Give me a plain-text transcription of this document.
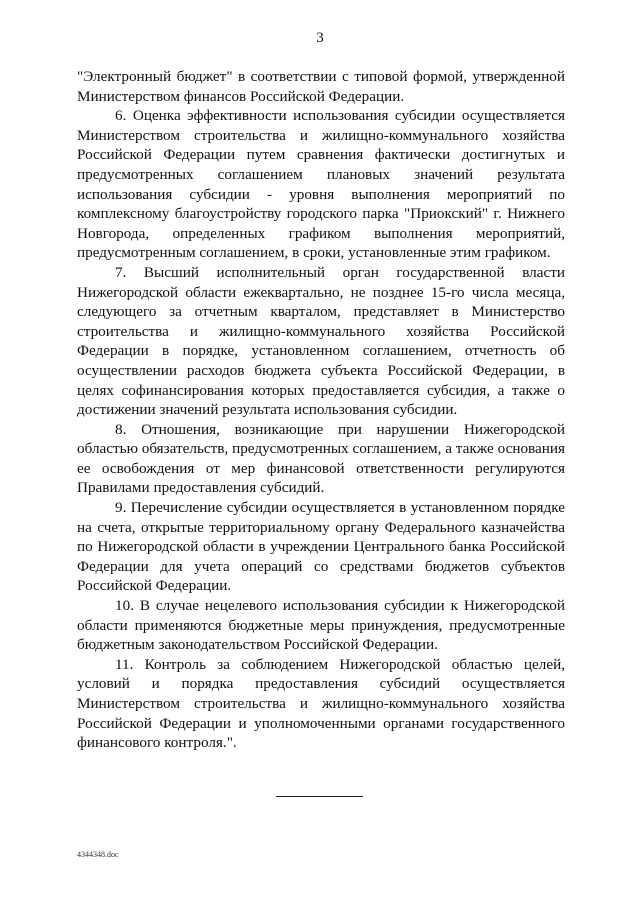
3

"Электронный бюджет" в соответствии с типовой формой, утвержденной Министерством финансов Российской Федерации.

6. Оценка эффективности использования субсидии осуществляется Министерством строительства и жилищно-коммунального хозяйства Российской Федерации путем сравнения фактически достигнутых и предусмотренных соглашением плановых значений результата использования субсидии - уровня выполнения мероприятий по комплексному благоустройству городского парка "Приокский" г. Нижнего Новгорода, определенных графиком выполнения мероприятий, предусмотренным соглашением, в сроки, установленные этим графиком.

7. Высший исполнительный орган государственной власти Нижегородской области ежеквартально, не позднее 15-го числа месяца, следующего за отчетным кварталом, представляет в Министерство строительства и жилищно-коммунального хозяйства Российской Федерации в порядке, установленном соглашением, отчетность об осуществлении расходов бюджета субъекта Российской Федерации, в целях софинансирования которых предоставляется субсидия, а также о достижении значений результата использования субсидии.

8. Отношения, возникающие при нарушении Нижегородской областью обязательств, предусмотренных соглашением, а также основания ее освобождения от мер финансовой ответственности регулируются Правилами предоставления субсидий.

9. Перечисление субсидии осуществляется в установленном порядке на счета, открытые территориальному органу Федерального казначейства по Нижегородской области в учреждении Центрального банка Российской Федерации для учета операций со средствами бюджетов субъектов Российской Федерации.

10. В случае нецелевого использования субсидии к Нижегородской области применяются бюджетные меры принуждения, предусмотренные бюджетным законодательством Российской Федерации.

11. Контроль за соблюдением Нижегородской областью целей, условий и порядка предоставления субсидий осуществляется Министерством строительства и жилищно-коммунального хозяйства Российской Федерации и уполномоченными органами государственного финансового контроля.".

4344348.doc
